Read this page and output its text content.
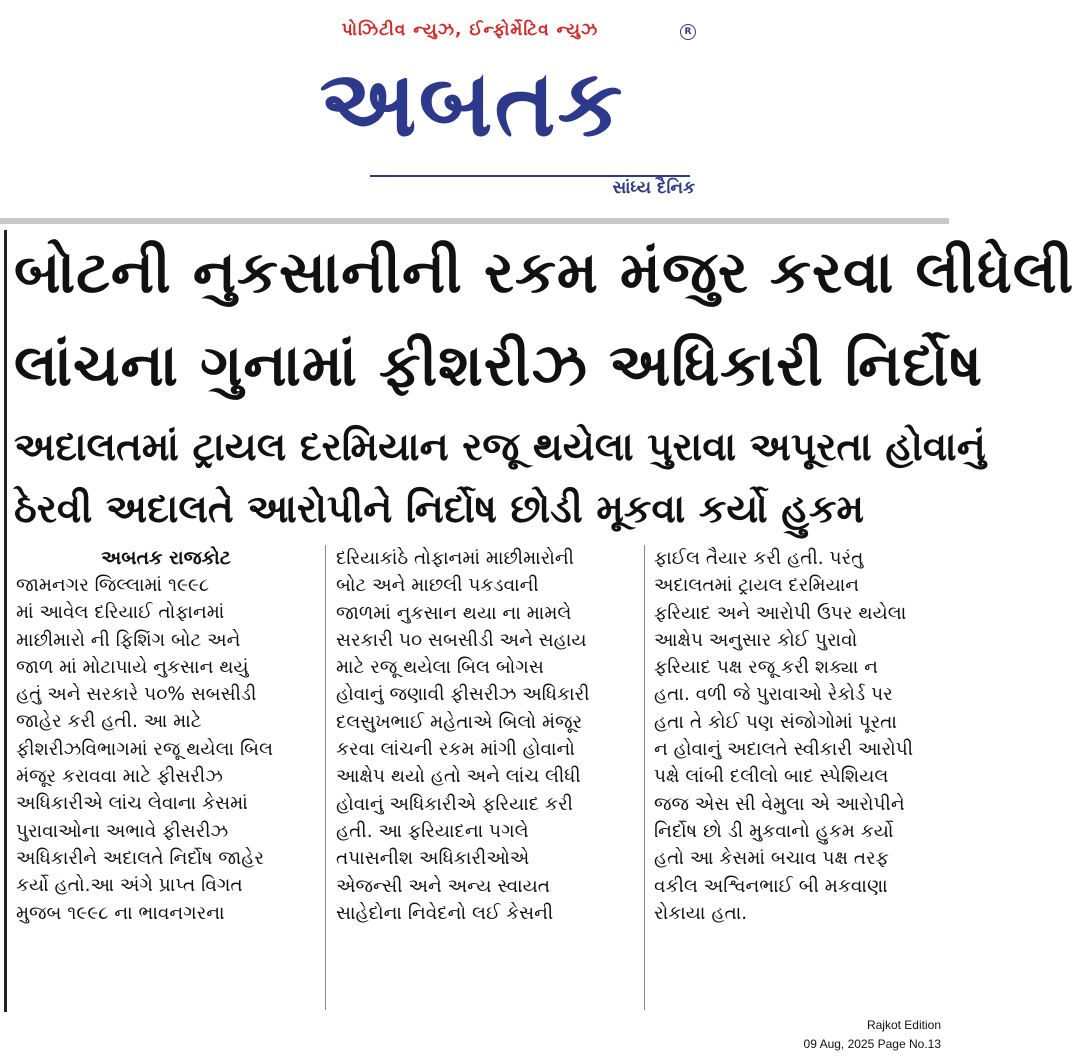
પોઝિટીવ ન્યુઝ, ઈન્ફોર્મેટિવ ન્યુઝ	R
અબતક
સાંધ્ય દૈનિક
બોટની નુકસાનીની રકમ મંજુર કરવા લીધેલી
લાંચના ગુનામાં ફીશરીઝ અધિકારી નિર્દોષ
અદાલતમાં ટ્રાયલ દરમિયાન રજૂ થયેલા પુરાવા અપૂરતા હોવાનું
ઠેરવી અદાલતે આરોપીને નિર્દોષ છોડી મૂકવા કર્યો હુકમ
અબતક રાજકોટ
જામનગર જિલ્લામાં ૧૯૯૮
માં આવેલ દરિયાઈ તોફાનમાં
માછીમારો ની ફિશિંગ બોટ અને
જાળ માં મોટાપાયે નુકસાન થયું
હતું અને સરકારે ૫૦% સબસીડી
જાહેર કરી હતી. આ માટે
ફીશરીઝવિભાગમાં રજૂ થયેલા બિલ
મંજૂર કરાવવા માટે ફીસરીઝ
અધિકારીએ લાંચ લેવાના કેસમાં
પુરાવાઓના અભાવે ફીસરીઝ
અધિકારીને અદાલતે નિર્દોષ જાહેર
કર્યો હતો.આ અંગે પ્રાપ્ત વિગત
મુજબ ૧૯૯૮ ના ભાવનગરના
દરિયાકાંઠે તોફાનમાં માછીમારોની
બોટ અને માછલી પકડવાની
જાળમાં નુકસાન થયા ના મામલે
સરકારી ૫૦ સબસીડી અને સહાય
માટે રજૂ થયેલા બિલ બોગસ
હોવાનું જણાવી ફીસરીઝ અધિકારી
દલસુખભાઈ મહેતાએ બિલો મંજૂર
કરવા લાંચની રકમ માંગી હોવાનો
આક્ષેપ થયો હતો અને લાંચ લીધી
હોવાનું અધિકારીએ ફરિયાદ કરી
હતી. આ ફરિયાદના પગલે
તપાસનીશ અધિકારીઓએ
એજન્સી અને અન્ય સ્વાયત
સાહેદોના નિવેદનો લઈ કેસની
ફાઈલ તૈયાર કરી હતી. પરંતુ
અદાલતમાં ટ્રાયલ દરમિયાન
ફરિયાદ અને આરોપી ઉપર થયેલા
આક્ષેપ અનુસાર કોઈ પુરાવો
ફરિયાદ પક્ષ રજૂ કરી શક્યા ન
હતા. વળી જે પુરાવાઓ રેકોર્ડ પર
હતા તે કોઈ પણ સંજોગોમાં પૂરતા
ન હોવાનું અદાલતે સ્વીકારી આરોપી
પક્ષે લાંબી દલીલો બાદ સ્પેશિયલ
જજ એસ સી વેમુલા એ આરોપીને
નિર્દોષ છો ડી મુકવાનો હુકમ કર્યો
હતો આ કેસમાં બચાવ પક્ષ તરફ
વકીલ અશ્વિનભાઈ બી મકવાણા
રોકાયા હતા.
Rajkot Edition
09 Aug, 2025 Page No.13
